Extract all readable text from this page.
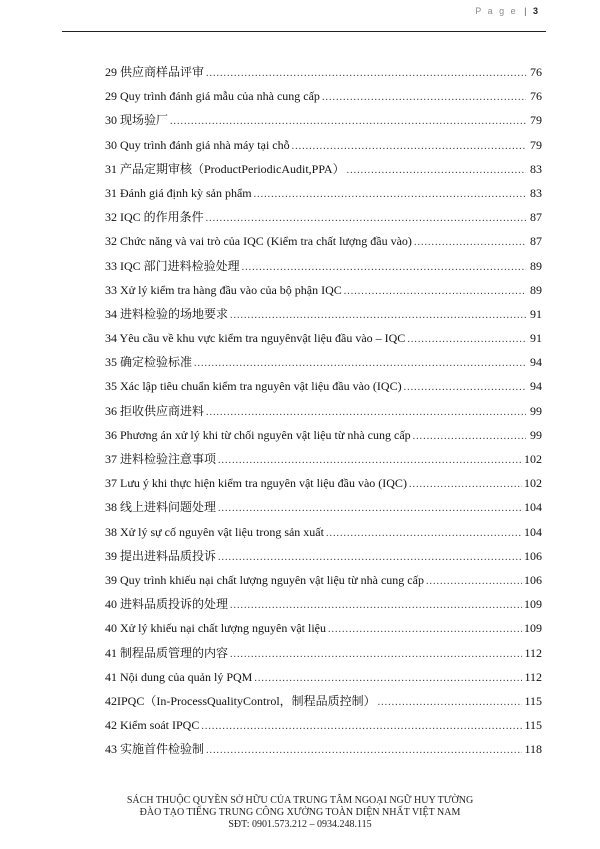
P a g e | 3
29 供应商样品评审 .....	76
29 Quy trình đánh giá mẫu của nhà cung cấp .....	76
30 现场验厂 .....	79
30 Quy trình đánh giá nhà máy tại chỗ .....	79
31 产品定期审核（ProductPeriodicAudit,PPA） .....	83
31 Đánh giá định kỳ sản phẩm .....	83
32 IQC 的作用条件 .....	87
32 Chức năng và vai trò của IQC (Kiểm tra chất lượng đầu vào) .....	87
33 IQC 部门进料检验处理 .....	89
33 Xử lý kiểm tra hàng đầu vào của bộ phận IQC .....	89
34 进料检验的场地要求 .....	91
34 Yêu cầu về khu vực kiểm tra nguyênvật liệu đầu vào – IQC .....	91
35 确定检验标准 .....	94
35 Xác lập tiêu chuẩn kiểm tra nguyên vật liệu đầu vào (IQC) .....	94
36 拒收供应商进料 .....	99
36 Phương án xử lý khi từ chối nguyên vật liệu từ nhà cung cấp .....	99
37 进料检验注意事项 .....	102
37 Lưu ý khi thực hiện kiểm tra nguyên vật liệu đầu vào (IQC) .....	102
38 线上进料问题处理 .....	104
38 Xử lý sự cố nguyên vật liệu trong sản xuất .....	104
39 提出进料品质投诉 .....	106
39 Quy trình khiếu nại chất lượng nguyên vật liệu từ nhà cung cấp .....	106
40 进料品质投诉的处理 .....	109
40 Xử lý khiếu nại chất lượng nguyên vật liệu .....	109
41 制程品质管理的内容 .....	112
41 Nội dung của quản lý PQM .....	112
42IPQC（In-ProcessQualityControl，制程品质控制） .....	115
42 Kiểm soát IPQC .....	115
43 实施首件检验制 .....	118
SÁCH THUỘC QUYỀN SỞ HỮU CỦA TRUNG TÂM NGOẠI NGỮ HUY TƯỜNG
ĐÀO TẠO TIẾNG TRUNG CÔNG XƯỞNG TOÀN DIỆN NHẤT VIỆT NAM
SĐT: 0901.573.212 – 0934.248.115
